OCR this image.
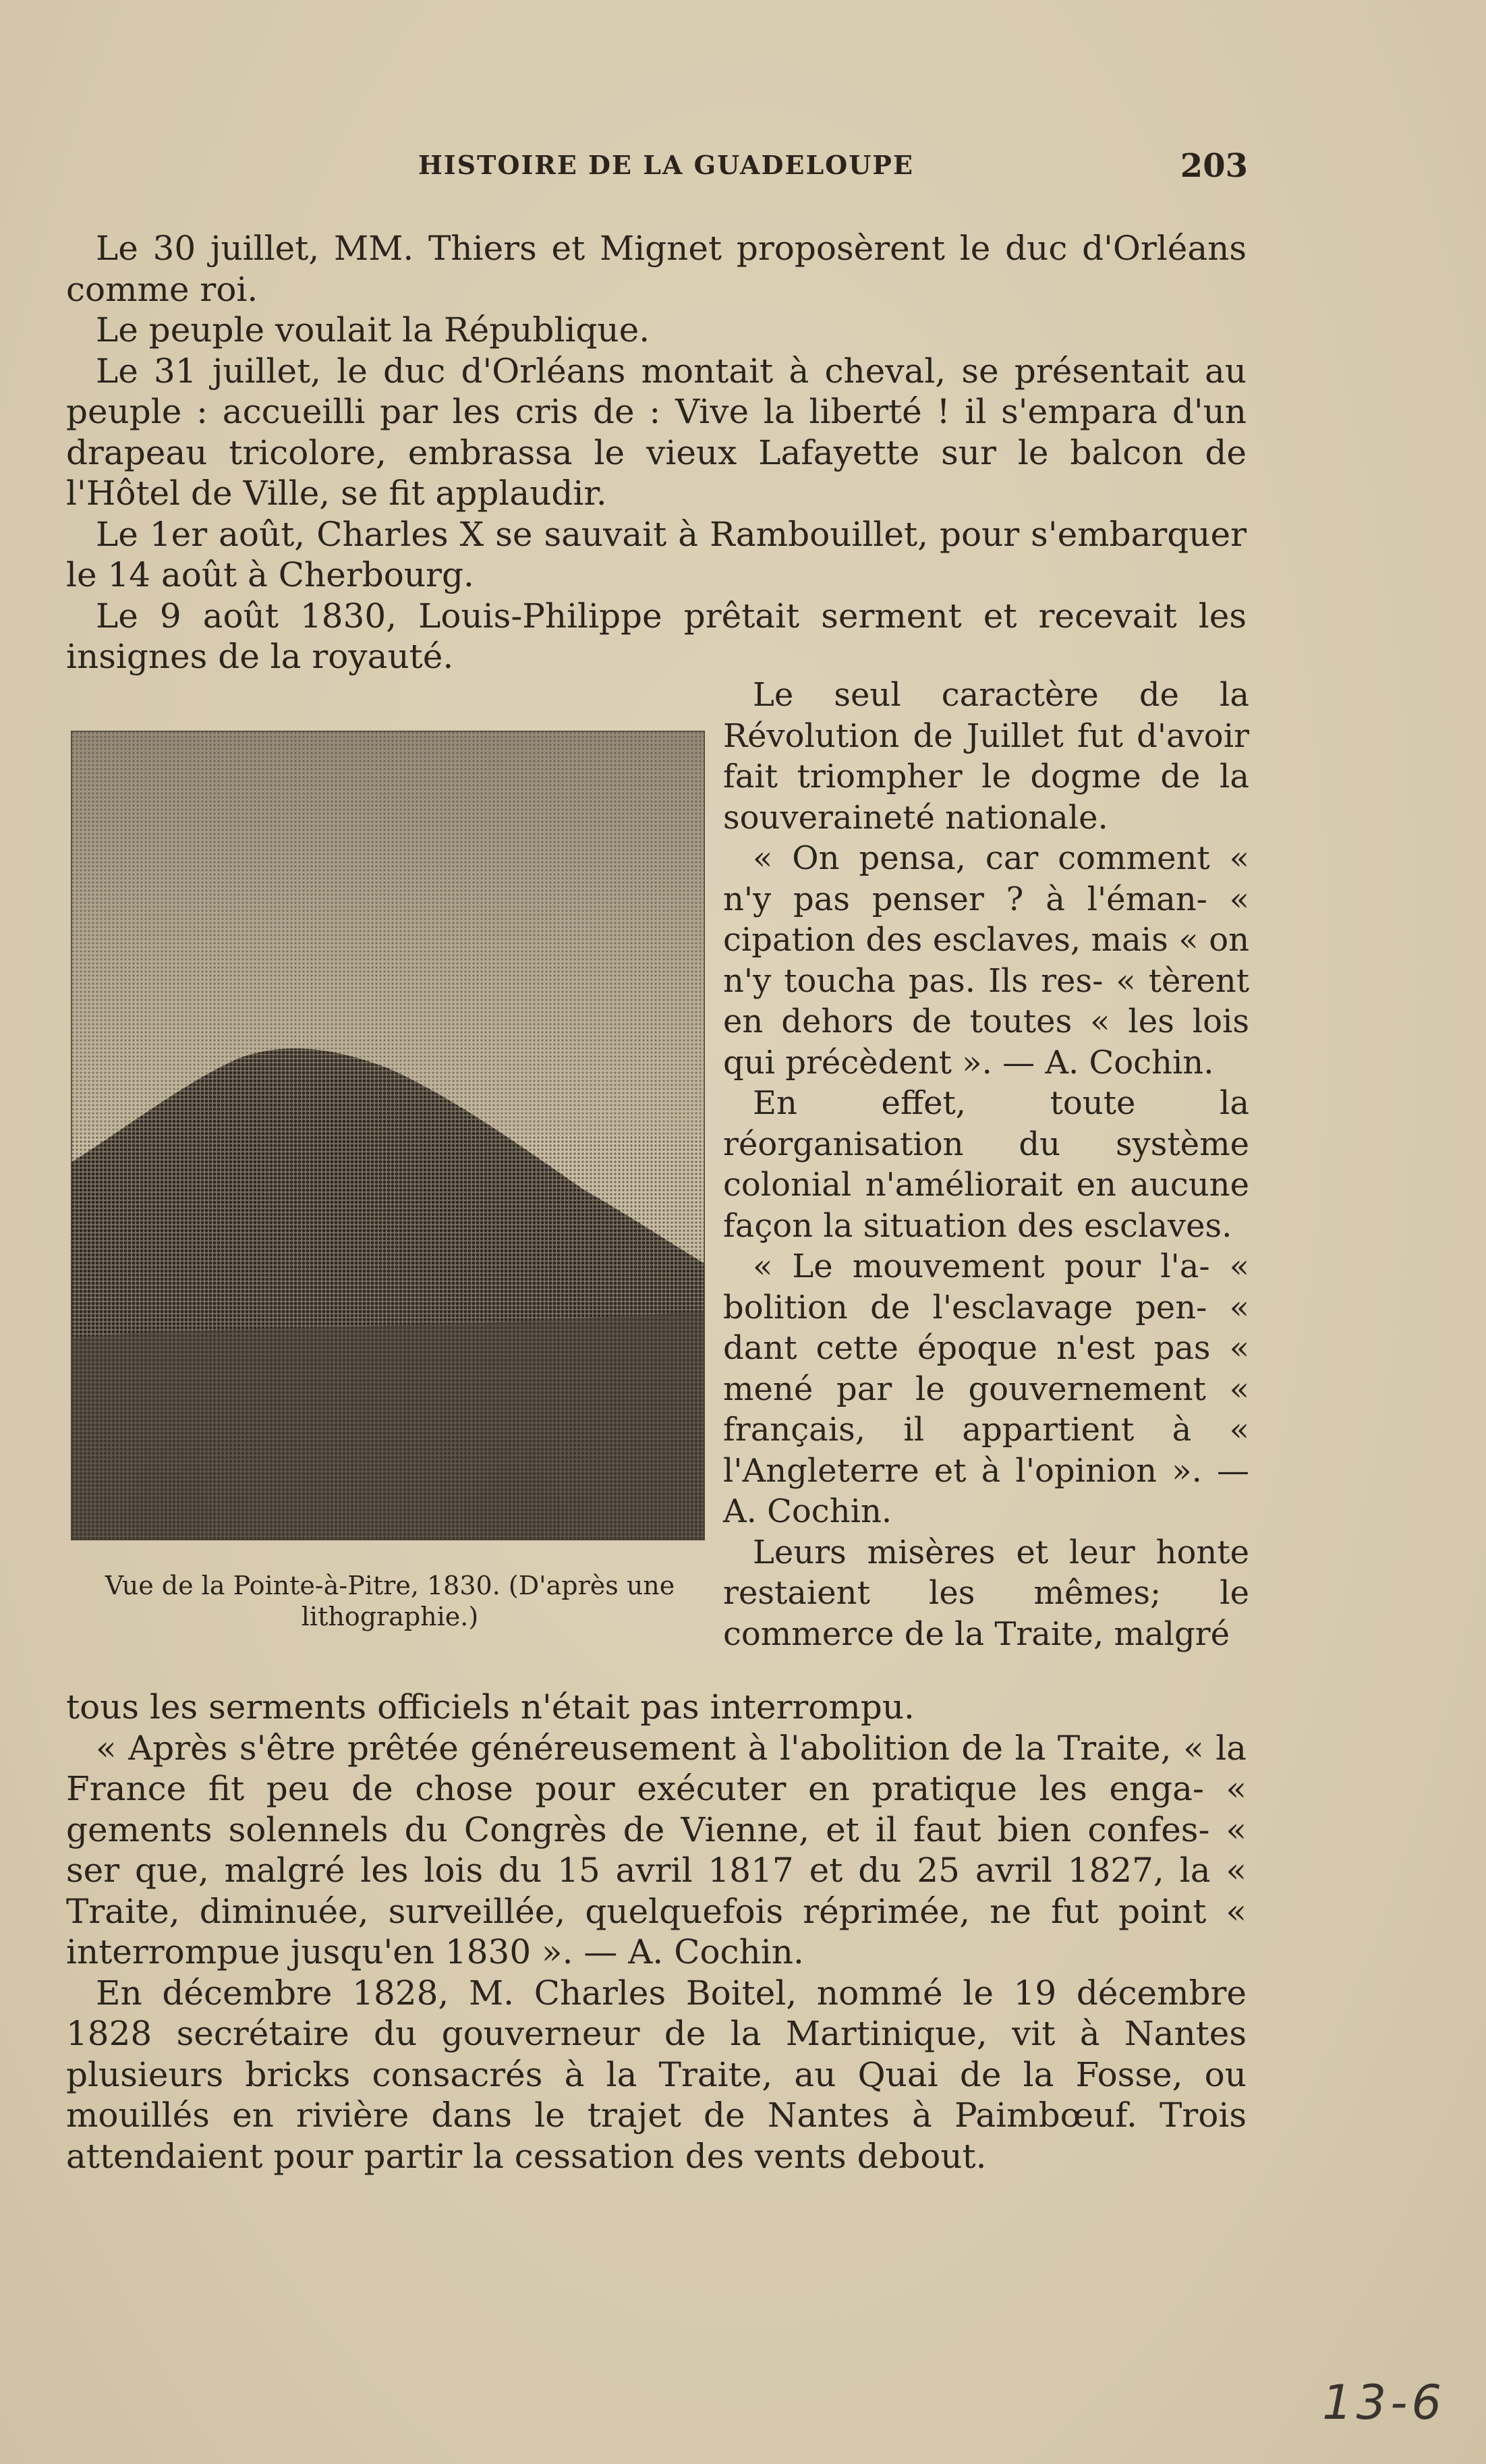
HISTOIRE DE LA GUADELOUPE	203

Le 30 juillet, MM. Thiers et Mignet proposèrent le duc d'Orléans comme roi.

Le peuple voulait la République.

Le 31 juillet, le duc d'Orléans montait à cheval, se présentait au peuple : accueilli par les cris de : Vive la liberté ! il s'empara d'un drapeau tricolore, embrassa le vieux Lafayette sur le balcon de l'Hôtel de Ville, se fit applaudir.

Le 1er août, Charles X se sauvait à Rambouillet, pour s'embarquer le 14 août à Cherbourg.

Le 9 août 1830, Louis-Philippe prêtait serment et recevait les insignes de la royauté.

Vue de la Pointe-à-Pitre, 1830. (D'après une lithographie.)

Le seul caractère de la Révolution de Juillet fut d'avoir fait triompher le dogme de la souveraineté nationale.

« On pensa, car comment « n'y pas penser ? à l'éman- « cipation des esclaves, mais « on n'y toucha pas. Ils res- « tèrent en dehors de toutes « les lois qui précèdent ». — A. Cochin.

En effet, toute la réorganisation du système colonial n'améliorait en aucune façon la situation des esclaves.

« Le mouvement pour l'a- « bolition de l'esclavage pen- « dant cette époque n'est pas « mené par le gouvernement « français, il appartient à « l'Angleterre et à l'opinion ». — A. Cochin.

Leurs misères et leur honte restaient les mêmes; le commerce de la Traite, malgré

tous les serments officiels n'était pas interrompu.

« Après s'être prêtée généreusement à l'abolition de la Traite, « la France fit peu de chose pour exécuter en pratique les enga- « gements solennels du Congrès de Vienne, et il faut bien confes- « ser que, malgré les lois du 15 avril 1817 et du 25 avril 1827, la « Traite, diminuée, surveillée, quelquefois réprimée, ne fut point « interrompue jusqu'en 1830 ». — A. Cochin.

En décembre 1828, M. Charles Boitel, nommé le 19 décembre 1828 secrétaire du gouverneur de la Martinique, vit à Nantes plusieurs bricks consacrés à la Traite, au Quai de la Fosse, ou mouillés en rivière dans le trajet de Nantes à Paimbœuf. Trois attendaient pour partir la cessation des vents debout.

13-6
